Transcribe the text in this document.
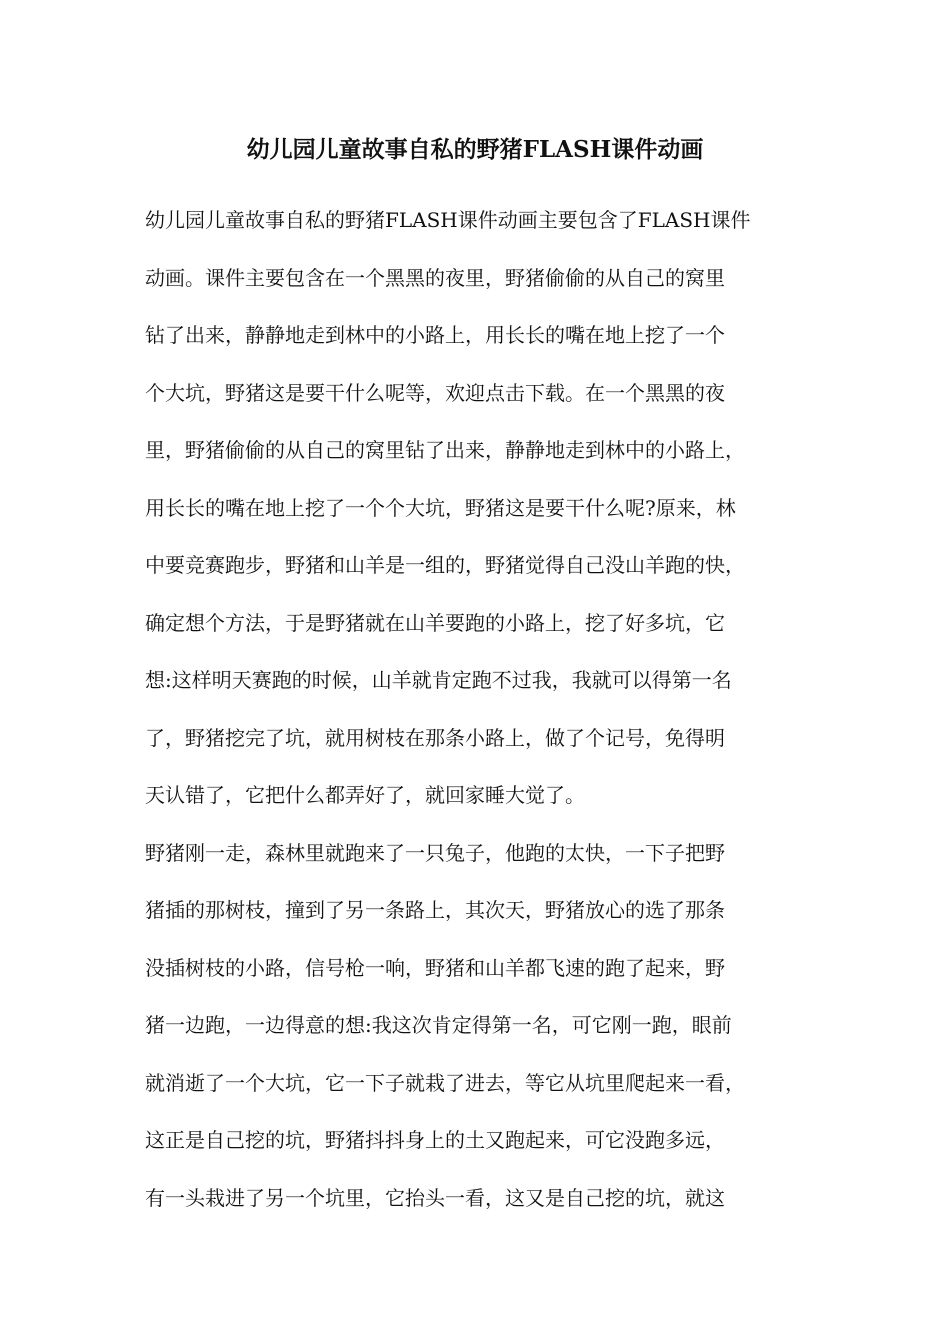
幼儿园儿童故事自私的野猪FLASH课件动画
幼儿园儿童故事自私的野猪FLASH课件动画主要包含了FLASH课件
动画。课件主要包含在一个黑黑的夜里，野猪偷偷的从自己的窝里
钻了出来，静静地走到林中的小路上，用长长的嘴在地上挖了一个
个大坑，野猪这是要干什么呢等，欢迎点击下载。在一个黑黑的夜
里，野猪偷偷的从自己的窝里钻了出来，静静地走到林中的小路上，
用长长的嘴在地上挖了一个个大坑，野猪这是要干什么呢?原来，林
中要竞赛跑步，野猪和山羊是一组的，野猪觉得自己没山羊跑的快，
确定想个方法，于是野猪就在山羊要跑的小路上，挖了好多坑，它
想:这样明天赛跑的时候，山羊就肯定跑不过我，我就可以得第一名
了，野猪挖完了坑，就用树枝在那条小路上，做了个记号，免得明
天认错了，它把什么都弄好了，就回家睡大觉了。
野猪刚一走，森林里就跑来了一只兔子，他跑的太快，一下子把野
猪插的那树枝，撞到了另一条路上，其次天，野猪放心的选了那条
没插树枝的小路，信号枪一响，野猪和山羊都飞速的跑了起来，野
猪一边跑，一边得意的想:我这次肯定得第一名，可它刚一跑，眼前
就消逝了一个大坑，它一下子就栽了进去，等它从坑里爬起来一看，
这正是自己挖的坑，野猪抖抖身上的土又跑起来，可它没跑多远，
有一头栽进了另一个坑里，它抬头一看，这又是自己挖的坑，就这
